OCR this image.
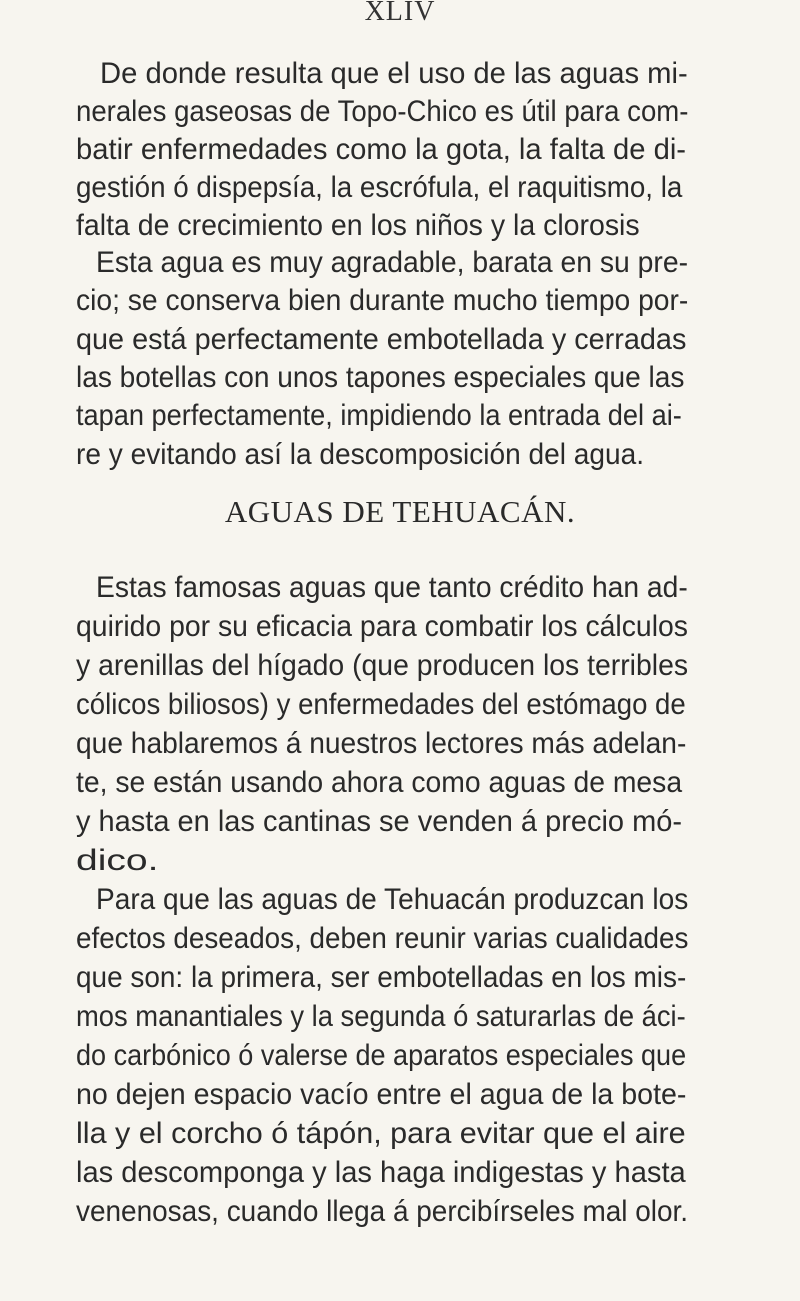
XLIV
De donde resulta que el uso de las aguas mi-
nerales gaseosas de Topo-Chico es útil para com-
batir enfermedades como la gota, la falta de di-
gestión ó dispepsía, la escrófula, el raquitismo, la
falta de crecimiento en los niños y la clorosis
Esta agua es muy agradable, barata en su pre-
cio; se conserva bien durante mucho tiempo por-
que está perfectamente embotellada y cerradas
las botellas con unos tapones especiales que las
tapan perfectamente, impidiendo la entrada del ai-
re y evitando así la descomposición del agua.
AGUAS DE TEHUACÁN.
Estas famosas aguas que tanto crédito han ad-
quirido por su eficacia para combatir los cálculos
y arenillas del hígado (que producen los terribles
cólicos biliosos) y enfermedades del estómago de
que hablaremos á nuestros lectores más adelan-
te, se están usando ahora como aguas de mesa
y hasta en las cantinas se venden á precio mó-
dico.
Para que las aguas de Tehuacán produzcan los
efectos deseados, deben reunir varias cualidades
que son: la primera, ser embotelladas en los mis-
mos manantiales y la segunda ó saturarlas de áci-
do carbónico ó valerse de aparatos especiales que
no dejen espacio vacío entre el agua de la bote-
lla y el corcho ó tápón, para evitar que el aire
las descomponga y las haga indigestas y hasta
venenosas, cuando llega á percibírseles mal olor.
